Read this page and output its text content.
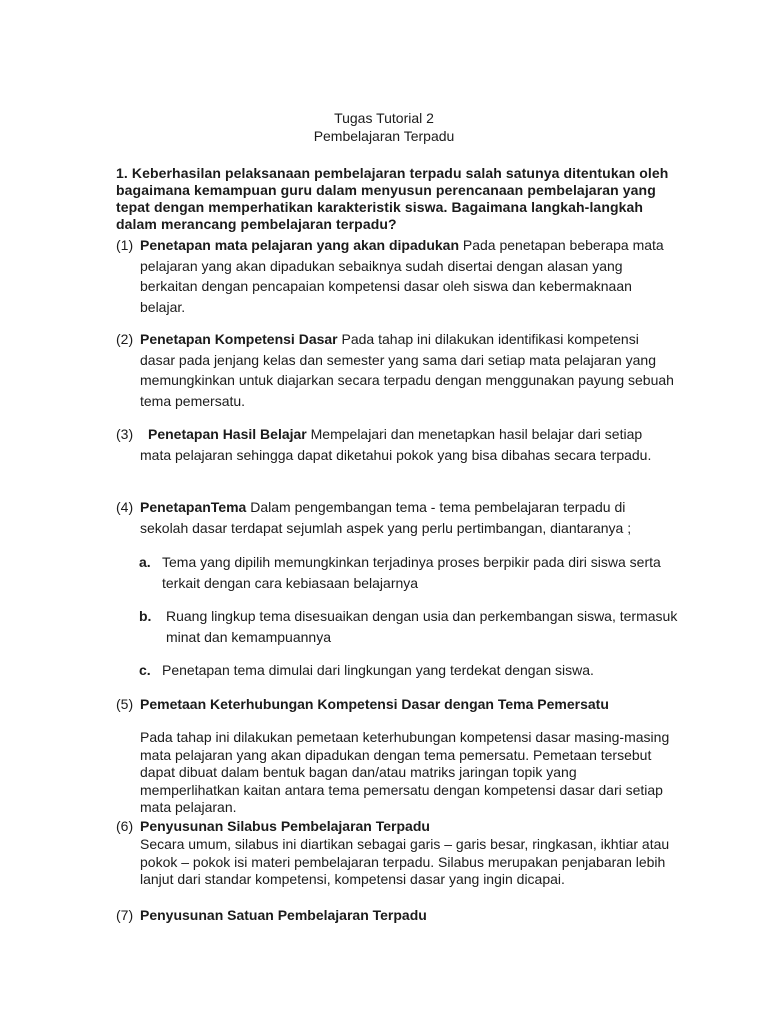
Tugas Tutorial 2
Pembelajaran Terpadu
1. Keberhasilan pelaksanaan pembelajaran terpadu salah satunya ditentukan oleh bagaimana kemampuan guru dalam menyusun perencanaan pembelajaran yang tepat dengan memperhatikan karakteristik siswa. Bagaimana langkah-langkah dalam merancang pembelajaran terpadu?
(1) Penetapan mata pelajaran yang akan dipadukan Pada penetapan beberapa mata pelajaran yang akan dipadukan sebaiknya sudah disertai dengan alasan yang berkaitan dengan pencapaian kompetensi dasar oleh siswa dan kebermaknaan belajar.
(2) Penetapan Kompetensi Dasar Pada tahap ini dilakukan identifikasi kompetensi dasar pada jenjang kelas dan semester yang sama dari setiap mata pelajaran yang memungkinkan untuk diajarkan secara terpadu dengan menggunakan payung sebuah tema pemersatu.
(3)	Penetapan Hasil Belajar Mempelajari dan menetapkan hasil belajar dari setiap mata pelajaran sehingga dapat diketahui pokok yang bisa dibahas secara terpadu.
(4) PenetapanTema Dalam pengembangan tema - tema pembelajaran terpadu di sekolah dasar terdapat sejumlah aspek yang perlu pertimbangan, diantaranya ;
a. Tema yang dipilih memungkinkan terjadinya proses berpikir pada diri siswa serta terkait dengan cara kebiasaan belajarnya
b. Ruang lingkup tema disesuaikan dengan usia dan perkembangan siswa, termasuk minat dan kemampuannya
c. Penetapan tema dimulai dari lingkungan yang terdekat dengan siswa.
(5) Pemetaan Keterhubungan Kompetensi Dasar dengan Tema Pemersatu
Pada tahap ini dilakukan pemetaan keterhubungan kompetensi dasar masing-masing mata pelajaran yang akan dipadukan dengan tema pemersatu. Pemetaan tersebut dapat dibuat dalam bentuk bagan dan/atau matriks jaringan topik yang memperlihatkan kaitan antara tema pemersatu dengan kompetensi dasar dari setiap mata pelajaran.
(6) Penyusunan Silabus Pembelajaran Terpadu
Secara umum, silabus ini diartikan sebagai garis – garis besar, ringkasan, ikhtiar atau pokok – pokok isi materi pembelajaran terpadu. Silabus merupakan penjabaran lebih lanjut dari standar kompetensi, kompetensi dasar yang ingin dicapai.
(7) Penyusunan Satuan Pembelajaran Terpadu
